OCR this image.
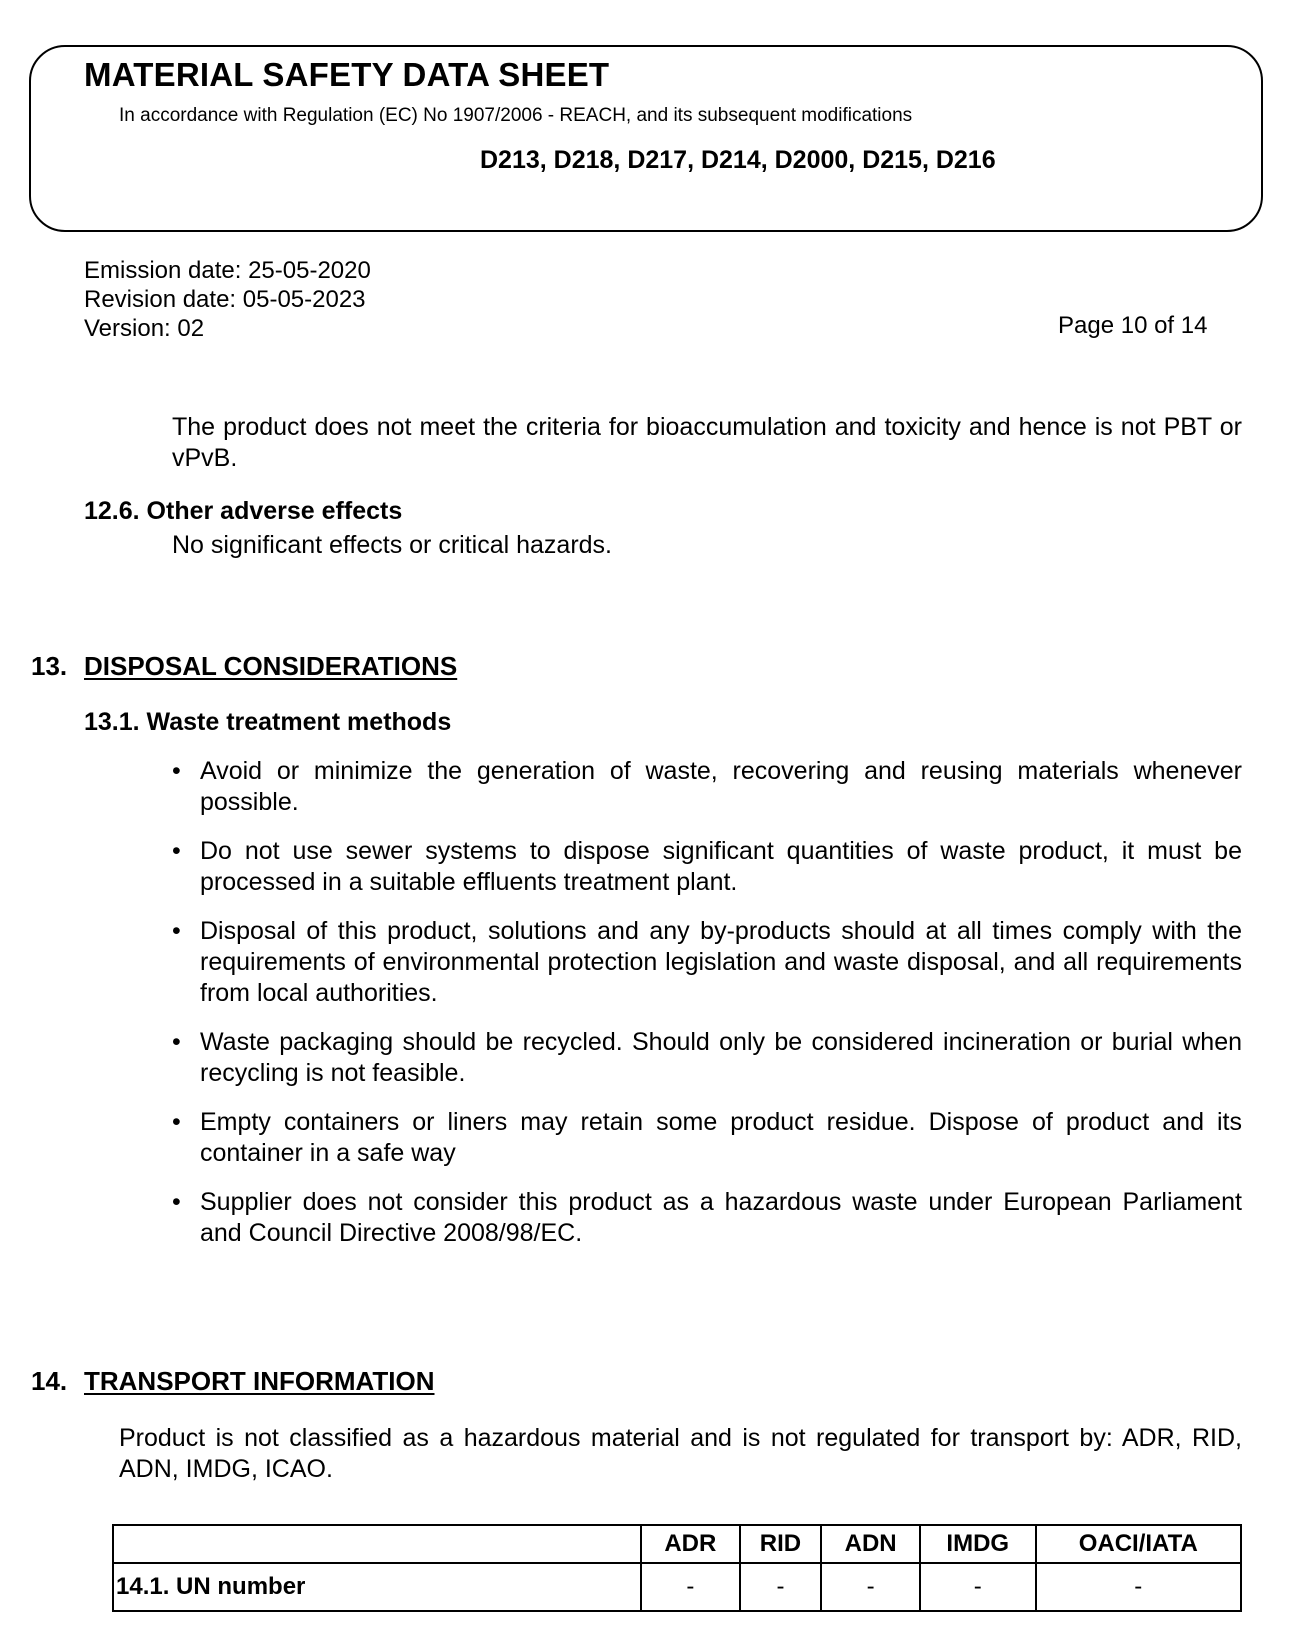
MATERIAL SAFETY DATA SHEET

In accordance with Regulation (EC) No 1907/2006 - REACH, and its subsequent modifications

D213, D218, D217, D214, D2000, D215, D216

Emission date: 25-05-2020
Revision date: 05-05-2023
Version: 02	Page 10 of 14

The product does not meet the criteria for bioaccumulation and toxicity and hence is not PBT or vPvB.

12.6. Other adverse effects

No significant effects or critical hazards.

13. DISPOSAL CONSIDERATIONS

13.1. Waste treatment methods

• Avoid or minimize the generation of waste, recovering and reusing materials whenever possible.
• Do not use sewer systems to dispose significant quantities of waste product, it must be processed in a suitable effluents treatment plant.
• Disposal of this product, solutions and any by-products should at all times comply with the requirements of environmental protection legislation and waste disposal, and all requirements from local authorities.
• Waste packaging should be recycled. Should only be considered incineration or burial when recycling is not feasible.
• Empty containers or liners may retain some product residue. Dispose of product and its container in a safe way
• Supplier does not consider this product as a hazardous waste under European Parliament and Council Directive 2008/98/EC.
14. TRANSPORT INFORMATION

Product is not classified as a hazardous material and is not regulated for transport by: ADR, RID, ADN, IMDG, ICAO.

	ADR	RID	ADN	IMDG	OACI/IATA
14.1. UN number	-	-	-	-	-
